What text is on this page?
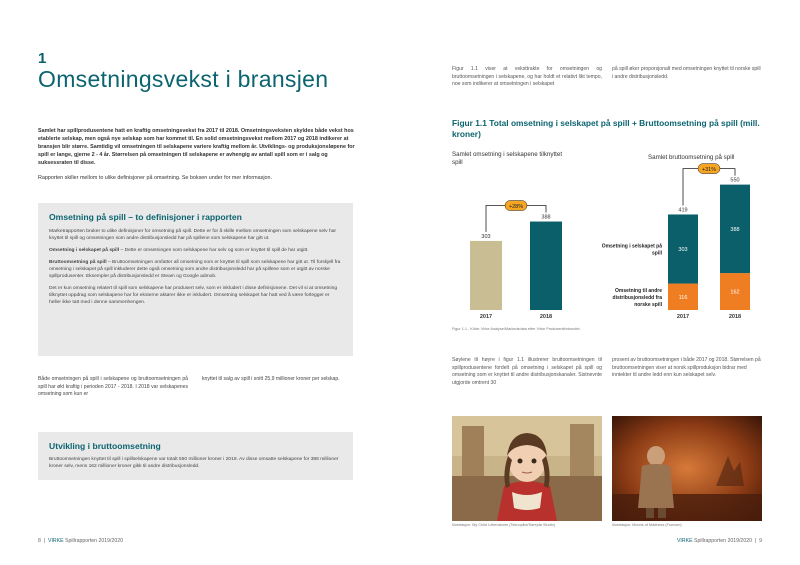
1
Omsetningsvekst i bransjen

Samlet har spillprodusentene hatt en kraftig omsetningsvekst fra 2017 til 2018. Omsetningsveksten skyldes både vekst hos etablerte selskap, men også nye selskap som har kommet til. En solid omsetningsvekst mellom 2017 og 2018 indikerer at bransjen blir større. Samtidig vil omsetningen til selskapene variere kraftig mellom år. Utviklings- og produksjonsløpene for spill er lange, gjerne 2 - 4 år. Størrelsen på omsetningen til selskapene er avhengig av antall spill som er i salg og suksessraten til disse.

Rapporten skiller mellom to ulike definisjoner på omsetning. Se boksen under for mer informasjon.

Omsetning på spill – to definisjoner i rapporten

Marketrapporten bruker to ulike definisjoner for omsetning på spill. Dette er for å skille mellom omsetningen som selskapene selv har knyttet til spill og omsetningen som andre distribusjonsledd har på spillene som selskapene har gitt ut.

Omsetning i selskapet på spill – Dette er omsetningen som selskapene har selv og som er knyttet til spill de har utgitt.

Bruttoomsetning på spill – Bruttoomsetningen omfatter all omsetning som er knyttet til spill som selskapene har gitt ut. Til forskjell fra omsetning i selskapet på spill inkluderer dette også omsetning som andre distribusjonsledd har på spillene som er utgitt av norske spillprodusenter. Eksempler på distribusjonsledd er Steam og Google admob.

Det er kun omsetning relatert til spill som selskapene har produsert selv, som er inkludert i disse definisjonene. Det vil si at omsetning tilknyttet oppdrag som selskapene har for eksterne aktører ikke er inkludert. Omsetning selskapet har hatt ved å være forlegger er heller ikke tatt med i denne sammenhengen.

Både omsetningen på spill i selskapene og bruttoomsetningen på spill har økt kraftig i perioden 2017 - 2018. I 2018 var selskapenes omsetning som kun er
knyttet til salg av spill i snitt 25,9 millioner kroner per selskap.
Utvikling i bruttoomsetning

Bruttoomsetningen knyttet til spill i spillselskapene var totalt 550 millioner kroner i 2018. Av disse omsatte selskapene for 388 millioner kroner selv, mens 162 millioner kroner gikk til andre distribusjonsledd.

8  |  VIRKE Spillrapporten 2019/2020	VIRKE Spillrapporten 2019/2020  |  9
Figur 1.1 viser at veksttrakte for omsetningen og bruttoomsetningen i selskapene, og har holdt et relativt likt tempo, noe som indikerer at omsetningen i selskapet
på spill øker proporsjonalt med omsetningen knyttet til norske spill i andre distribusjonsledd.
Figur 1.1 Total omsetning i selskapet på spill + Bruttoomsetning på spill (mill. kroner)
Samlet omsetning i selskapene tilknyttet spill
Samlet bruttoomsetning på spill
303
2017
388
2018
+28%
116
303
419
2017
162
388
550
2018
+31%
Omsetning i selskapet på
spill
Omsetning til andre
distribusjonsledd fra
norske spill
Figur 1.1 - Kilde: Virke Analyse/Markedsdata etter Virke Produsentforbundet.
Søylene til høyre i figur 1.1 illustrerer bruttoomsetningen til spillprodusentene fordelt på omsetning i selskapet på spill og omsetning som er knyttet til andre distribusjonskanaler. Sistnevnte utgjorde omtrent 30
prosent av bruttoomsetningen i både 2017 og 2018. Størrelsen på bruttoomsetningen viser at norsk spillproduksjon bidrar med inntekter til andre ledd enn kun selskapet selv.
Illustrasjon: My Child Lebensborn (Teknopilot/Sarepta Studio)	Illustrasjon: Moons of Madness (Funcom)
